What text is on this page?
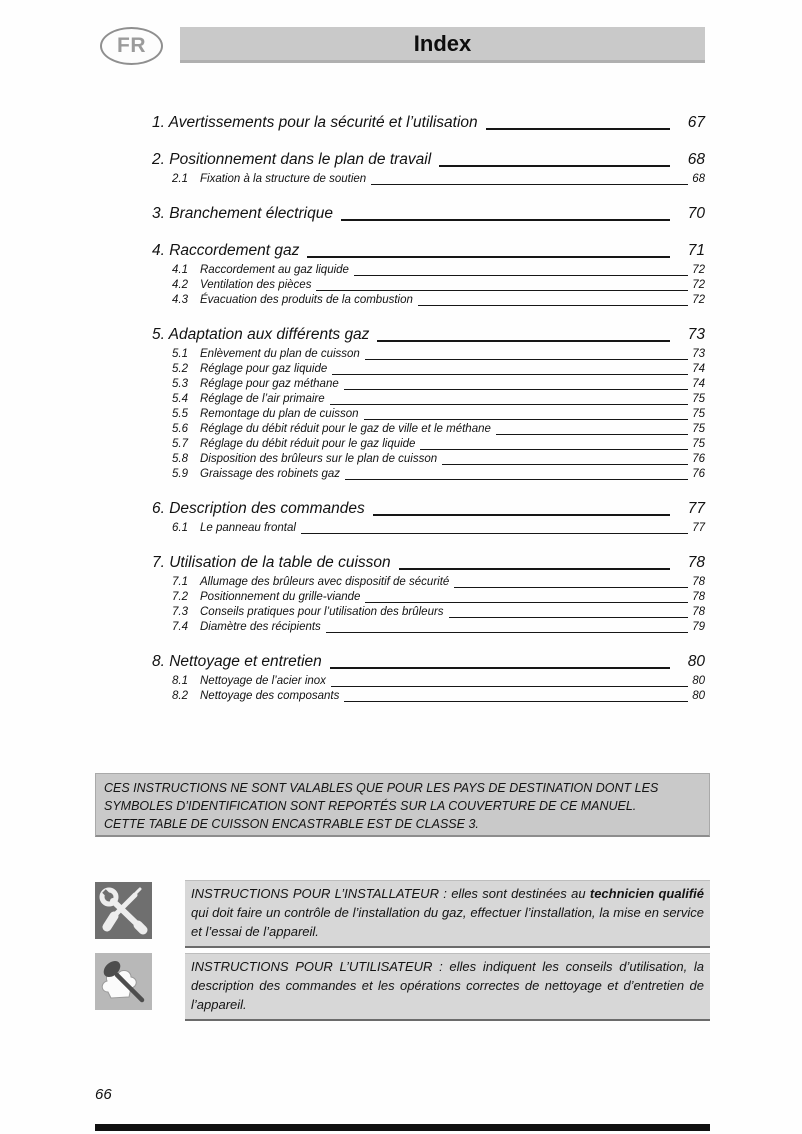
FR	Index
1. Avertissements pour la sécurité et l’utilisation	67
2. Positionnement dans le plan de travail	68
2.1	Fixation à la structure de soutien	68
3. Branchement électrique	70
4. Raccordement gaz	71
4.1	Raccordement au gaz liquide	72
4.2	Ventilation des pièces	72
4.3	Évacuation des produits de la combustion	72
5. Adaptation aux différents gaz	73
5.1	Enlèvement du plan de cuisson	73
5.2	Réglage pour gaz liquide	74
5.3	Réglage pour gaz méthane	74
5.4	Réglage de l’air primaire	75
5.5	Remontage du plan de cuisson	75
5.6	Réglage du débit réduit pour le gaz de ville et le méthane	75
5.7	Réglage du débit réduit pour le gaz liquide	75
5.8	Disposition des brûleurs sur le plan de cuisson	76
5.9	Graissage des robinets gaz	76
6. Description des commandes	77
6.1	Le panneau frontal	77
7. Utilisation de la table de cuisson	78
7.1	Allumage des brûleurs avec dispositif de sécurité	78
7.2	Positionnement du grille-viande	78
7.3	Conseils pratiques pour l’utilisation des brûleurs	78
7.4	Diamètre des récipients	79
8. Nettoyage et entretien	80
8.1	Nettoyage de l’acier inox	80
8.2	Nettoyage des composants	80
CES INSTRUCTIONS NE SONT VALABLES QUE POUR LES PAYS DE DESTINATION DONT LES
SYMBOLES D’IDENTIFICATION SONT REPORTÉS SUR LA COUVERTURE DE CE MANUEL.
CETTE TABLE DE CUISSON ENCASTRABLE EST DE CLASSE 3.
INSTRUCTIONS POUR L’INSTALLATEUR : elles sont destinées au technicien qualifié qui doit faire un contrôle de l’installation du gaz, effectuer l’installation, la mise en service et l’essai de l’appareil.
INSTRUCTIONS POUR L’UTILISATEUR : elles indiquent les conseils d’utilisation, la description des commandes et les opérations correctes de nettoyage et d’entretien de l’appareil.
66
